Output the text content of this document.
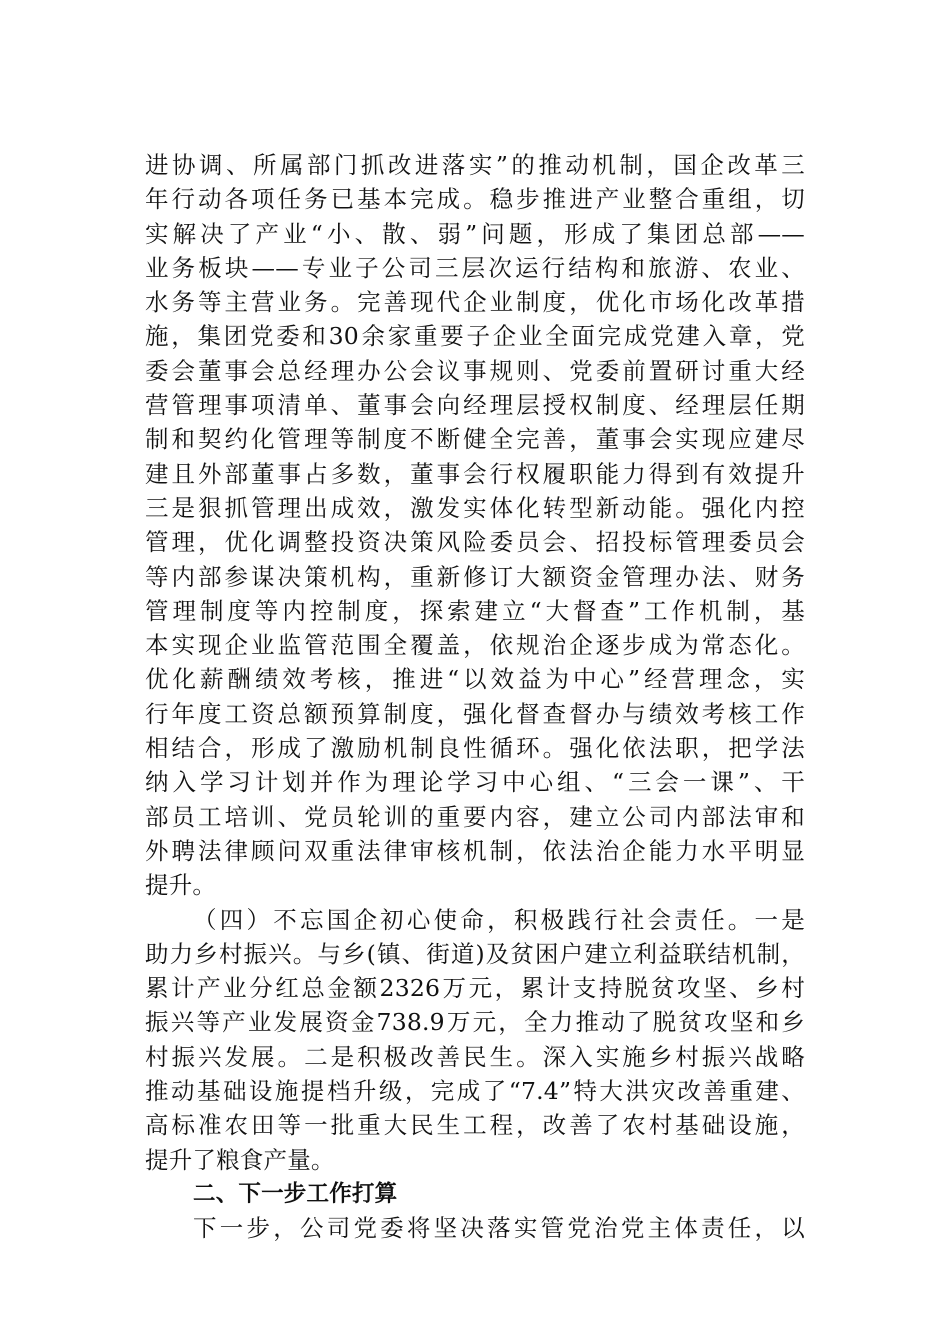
进协调、所属部门抓改进落实”的推动机制，国企改革三
年行动各项任务已基本完成。稳步推进产业整合重组，切
实解决了产业“小、散、弱”问题，形成了集团总部——
业务板块——专业子公司三层次运行结构和旅游、农业、
水务等主营业务。完善现代企业制度，优化市场化改革措
施，集团党委和30余家重要子企业全面完成党建入章，党
委会董事会总经理办公会议事规则、党委前置研讨重大经
营管理事项清单、董事会向经理层授权制度、经理层任期
制和契约化管理等制度不断健全完善，董事会实现应建尽
建且外部董事占多数，董事会行权履职能力得到有效提升
三是狠抓管理出成效，激发实体化转型新动能。强化内控
管理，优化调整投资决策风险委员会、招投标管理委员会
等内部参谋决策机构，重新修订大额资金管理办法、财务
管理制度等内控制度，探索建立“大督查”工作机制，基
本实现企业监管范围全覆盖，依规治企逐步成为常态化。
优化薪酬绩效考核，推进“以效益为中心”经营理念，实
行年度工资总额预算制度，强化督查督办与绩效考核工作
相结合，形成了激励机制良性循环。强化依法职，把学法
纳入学习计划并作为理论学习中心组、“三会一课”、干
部员工培训、党员轮训的重要内容，建立公司内部法审和
外聘法律顾问双重法律审核机制，依法治企能力水平明显
提升。
（四）不忘国企初心使命，积极践行社会责任。一是
助力乡村振兴。与乡(镇、街道)及贫困户建立利益联结机制，
累计产业分红总金额2326万元，累计支持脱贫攻坚、乡村
振兴等产业发展资金738.9万元，全力推动了脱贫攻坚和乡
村振兴发展。二是积极改善民生。深入实施乡村振兴战略
推动基础设施提档升级，完成了“7.4”特大洪灾改善重建、
高标准农田等一批重大民生工程，改善了农村基础设施，
提升了粮食产量。
二、下一步工作打算
下一步，公司党委将坚决落实管党治党主体责任，以
